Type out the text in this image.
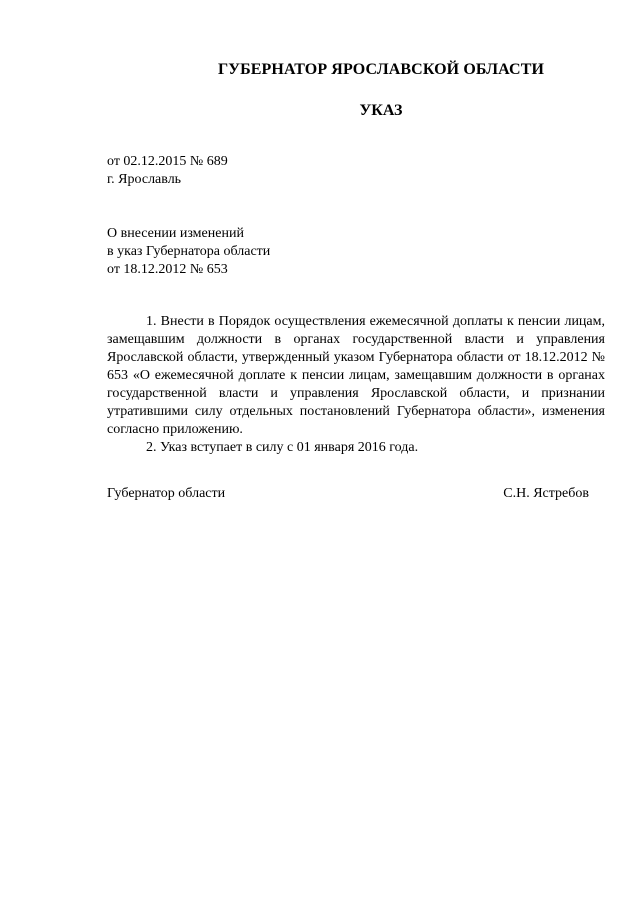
ГУБЕРНАТОР ЯРОСЛАВСКОЙ ОБЛАСТИ
УКАЗ
от 02.12.2015 № 689
г. Ярославль
О внесении изменений
в указ Губернатора области
от 18.12.2012 № 653

1. Внести в Порядок осуществления ежемесячной доплаты к пенсии лицам, замещавшим должности в органах государственной власти и управления Ярославской области, утвержденный указом Губернатора области от 18.12.2012 № 653 «О ежемесячной доплате к пенсии лицам, замещавшим должности в органах государственной власти и управления Ярославской области, и признании утратившими силу отдельных постановлений Губернатора области», изменения согласно приложению.

2. Указ вступает в силу с 01 января 2016 года.

Губернатор области	С.Н. Ястребов
